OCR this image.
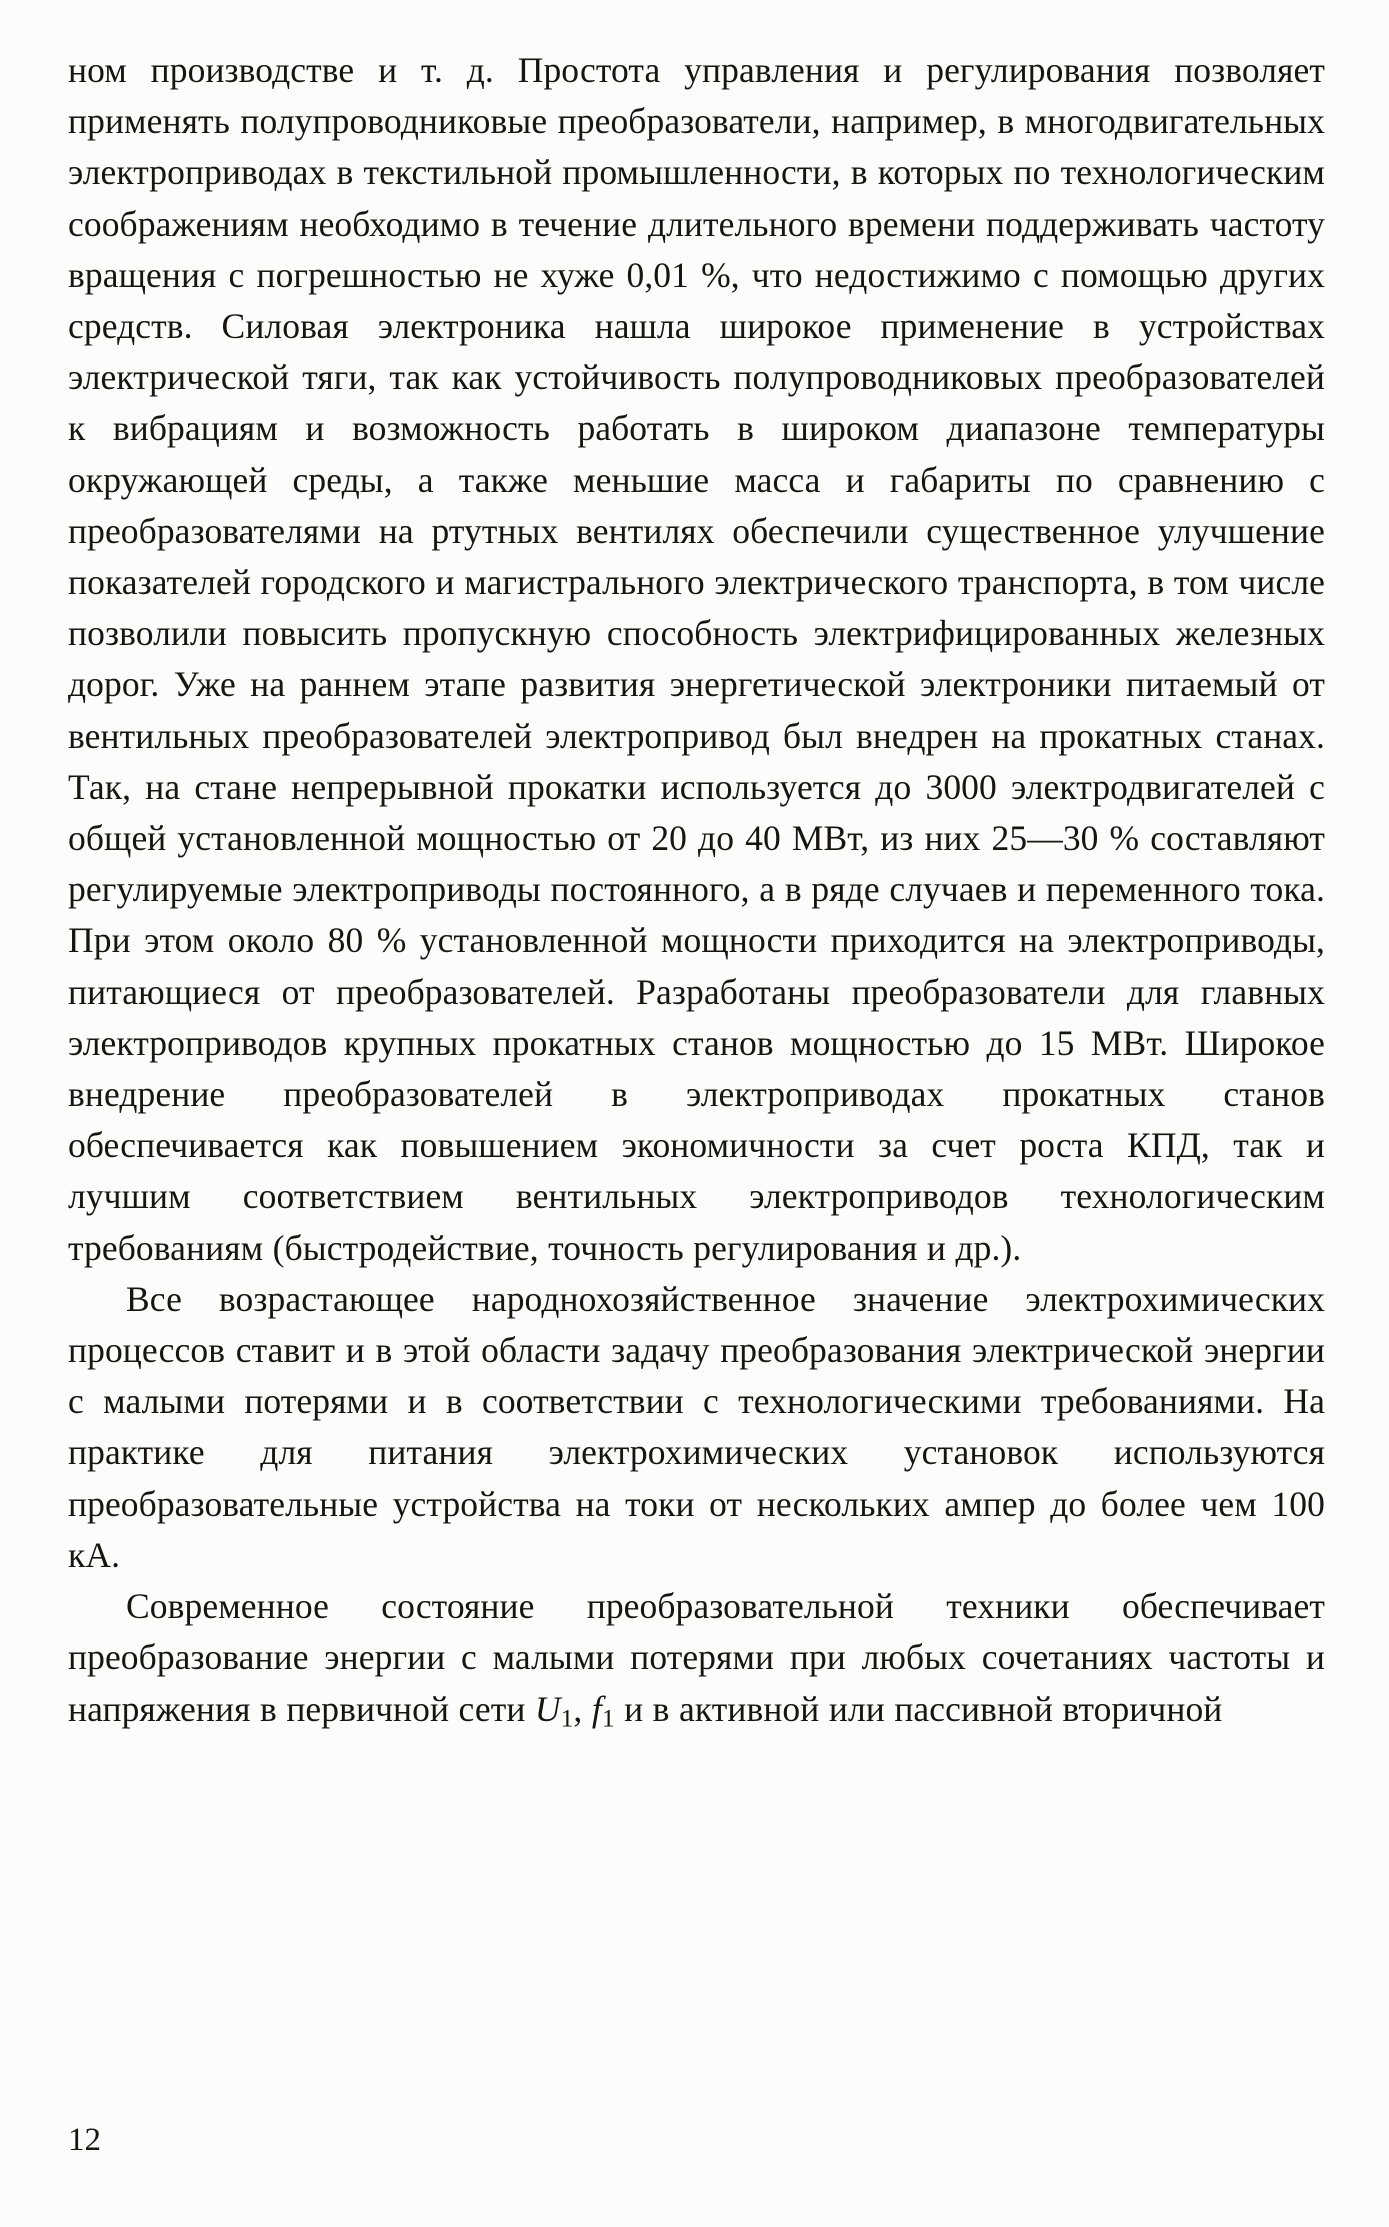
ном производстве и т. д. Простота управления и регулирования позволяет применять полупроводниковые преобразователи, например, в многодвигательных электроприводах в текстильной промышленности, в которых по технологическим соображениям необходимо в течение длительного времени поддерживать частоту вращения с погрешностью не хуже 0,01 %, что недостижимо с помощью других средств. Силовая электроника нашла широкое применение в устройствах электрической тяги, так как устойчивость полупроводниковых преобразователей к вибрациям и возможность работать в широком диапазоне температуры окружающей среды, а также меньшие масса и габариты по сравнению с преобразователями на ртутных вентилях обеспечили существенное улучшение показателей городского и магистрального электрического транспорта, в том числе позволили повысить пропускную способность электрифицированных железных дорог. Уже на раннем этапе развития энергетической электроники питаемый от вентильных преобразователей электропривод был внедрен на прокатных станах. Так, на стане непрерывной прокатки используется до 3000 электродвигателей с общей установленной мощностью от 20 до 40 МВт, из них 25—30 % составляют регулируемые электроприводы постоянного, а в ряде случаев и переменного тока. При этом около 80 % установленной мощности приходится на электроприводы, питающиеся от преобразователей. Разработаны преобразователи для главных электроприводов крупных прокатных станов мощностью до 15 МВт. Широкое внедрение преобразователей в электроприводах прокатных станов обеспечивается как повышением экономичности за счет роста КПД, так и лучшим соответствием вентильных электроприводов технологическим требованиям (быстродействие, точность регулирования и др.).

Все возрастающее народнохозяйственное значение электрохимических процессов ставит и в этой области задачу преобразования электрической энергии с малыми потерями и в соответствии с технологическими требованиями. На практике для питания электрохимических установок используются преобразовательные устройства на токи от нескольких ампер до более чем 100 кА.

Современное состояние преобразовательной техники обеспечивает преобразование энергии с малыми потерями при любых сочетаниях частоты и напряжения в первичной сети $U_1$, $f_1$ и в активной или пассивной вторичной

12
